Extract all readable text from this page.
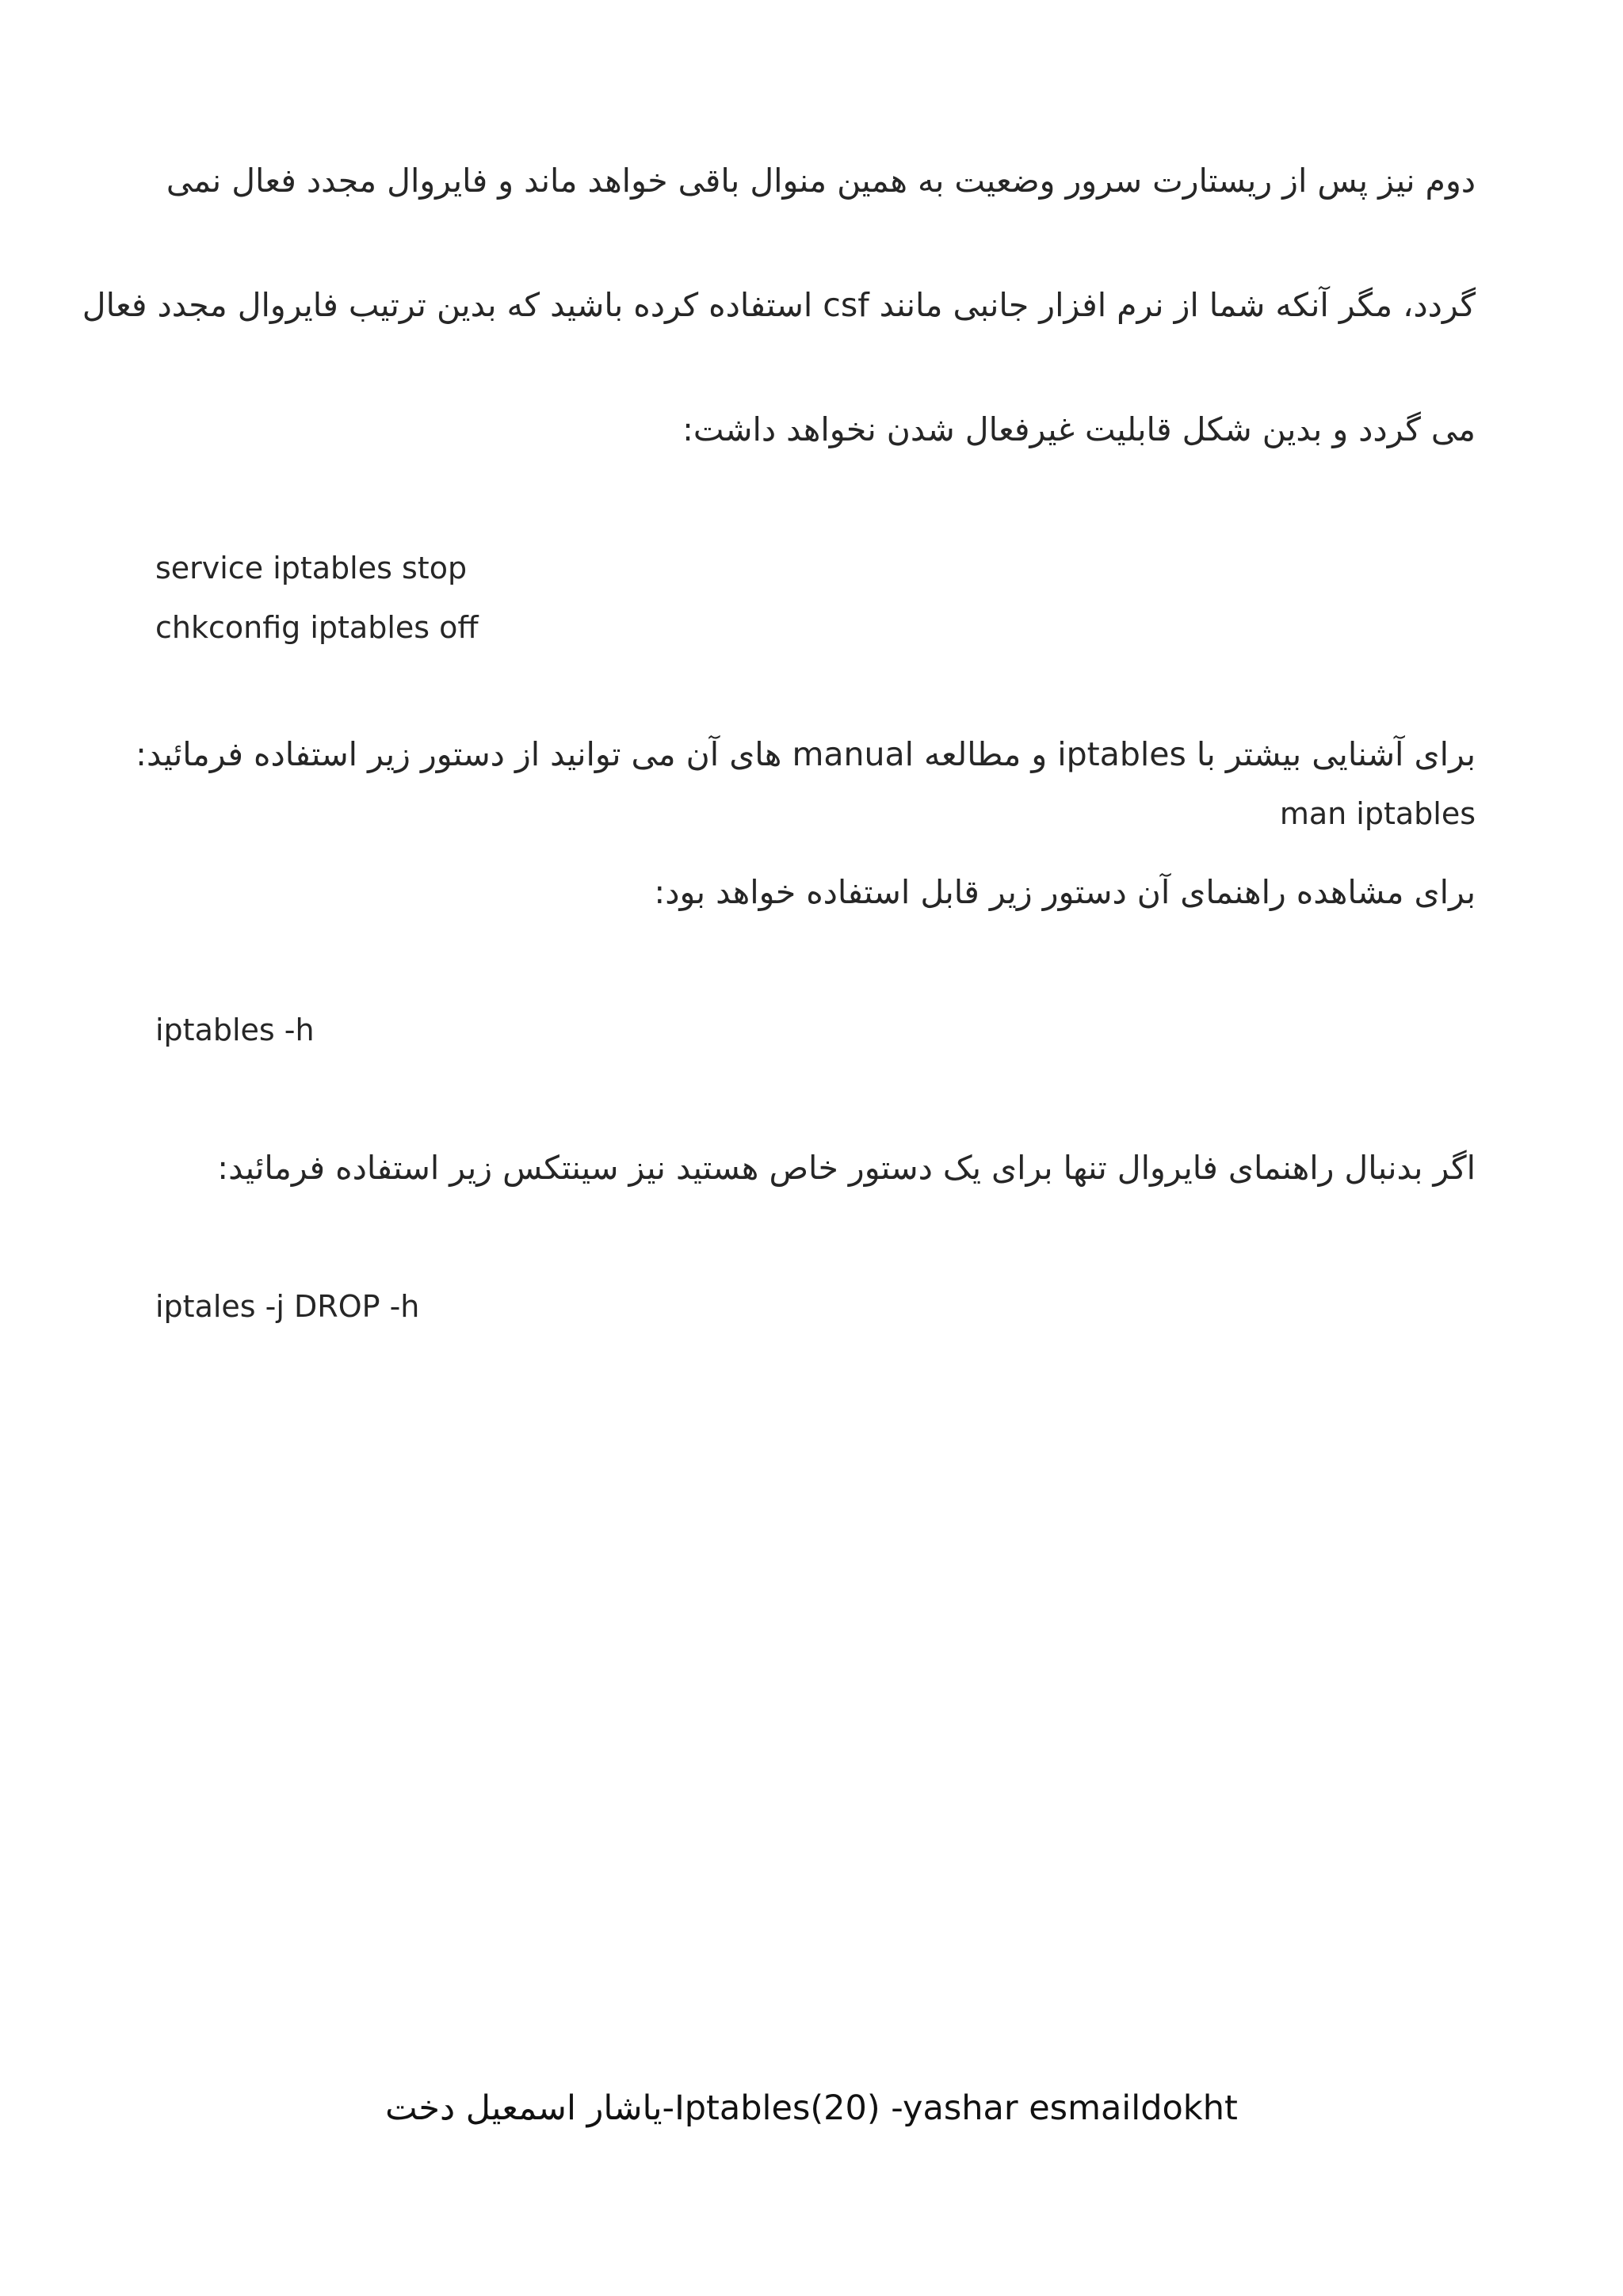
دوم نیز پس از ریستارت سرور وضعیت به همین منوال باقی خواهد ماند و فایروال مجدد فعال نمی
گردد، مگر آنکه شما از نرم افزار جانبی مانند csf استفاده کرده باشید که بدین ترتیب فایروال مجدد فعال
می گردد و بدین شکل قابلیت غیرفعال شدن نخواهد داشت:
service iptables stop
chkconfig iptables off
برای آشنایی بیشتر با iptables و مطالعه manual های آن می توانید از دستور زیر استفاده فرمائید:
man iptables
برای مشاهده راهنمای آن دستور زیر قابل استفاده خواهد بود:
iptables -h
اگر بدنبال راهنمای فایروال تنها برای یک دستور خاص هستید نیز سینتکس زیر استفاده فرمائید:
iptales -j DROP -h
یاشار اسمعیل دخت-Iptables(20) -yashar esmaildokht
